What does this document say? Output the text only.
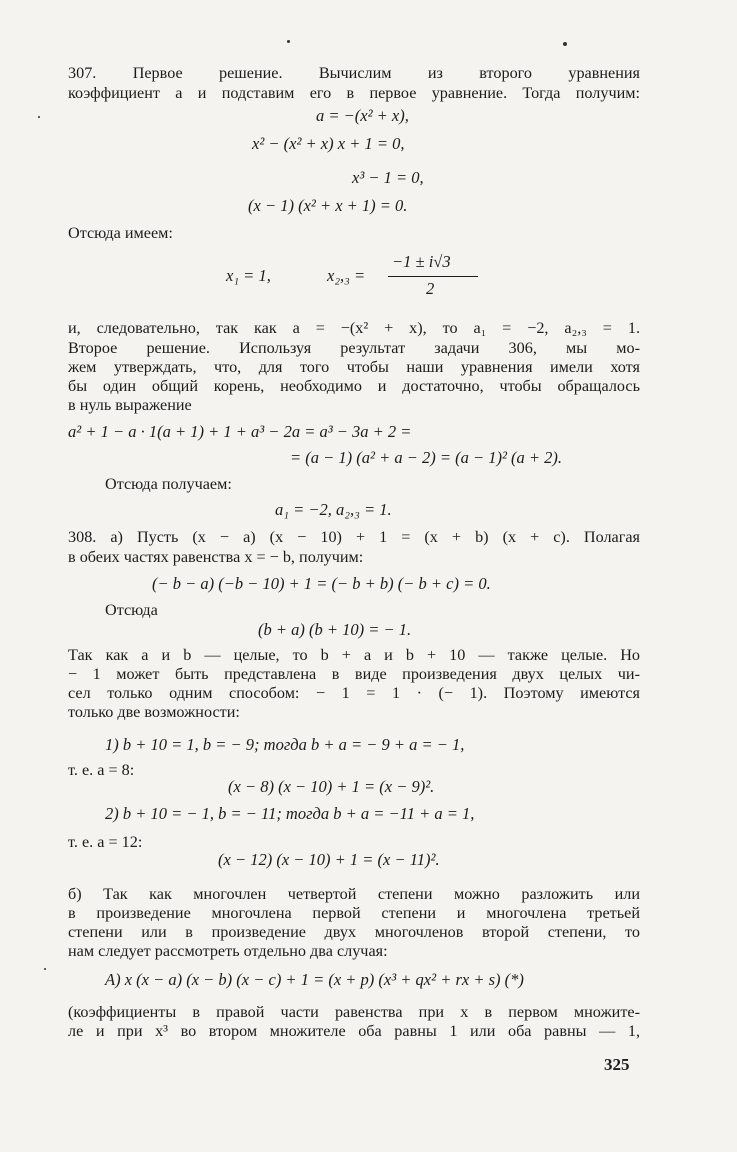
307. Первое решение. Вычислим из второго уравнения

коэффициент a и подставим его в первое уравнение. Тогда получим:

a = −(x² + x),

x² − (x² + x) x + 1 = 0,

x³ − 1 = 0,

(x − 1) (x² + x + 1) = 0.

Отсюда имеем:

x₁ = 1,	x₂,₃ =

−1 ± i√3

2

и, следовательно, так как a = −(x² + x), то a₁ = −2, a₂,₃ = 1.

Второе решение. Используя результат задачи 306, мы мо-

жем утверждать, что, для того чтобы наши уравнения имели хотя

бы один общий корень, необходимо и достаточно, чтобы обращалось

в нуль выражение

a² + 1 − a · 1(a + 1) + 1 + a³ − 2a = a³ − 3a + 2 =

= (a − 1) (a² + a − 2) = (a − 1)² (a + 2).

Отсюда получаем:

a₁ = −2, a₂,₃ = 1.

308. а) Пусть (x − a) (x − 10) + 1 = (x + b) (x + c). Полагая

в обеих частях равенства x = − b, получим:

(− b − a) (−b − 10) + 1 = (− b + b) (− b + c) = 0.

Отсюда

(b + a) (b + 10) = − 1.

Так как a и b — целые, то b + a и b + 10 — также целые. Но

− 1 может быть представлена в виде произведения двух целых чи-

сел только одним способом: − 1 = 1 · (− 1). Поэтому имеются

только две возможности:

1) b + 10 = 1, b = − 9; тогда b + a = − 9 + a = − 1,

т. е. a = 8:

(x − 8) (x − 10) + 1 = (x − 9)².

2) b + 10 = − 1, b = − 11; тогда b + a = −11 + a = 1,

т. е. a = 12:

(x − 12) (x − 10) + 1 = (x − 11)².

б) Так как многочлен четвертой степени можно разложить или

в произведение многочлена первой степени и многочлена третьей

степени или в произведение двух многочленов второй степени, то

нам следует рассмотреть отдельно два случая:

А) x (x − a) (x − b) (x − c) + 1 = (x + p) (x³ + qx² + rx + s) (*)

(коэффициенты в правой части равенства при x в первом множите-

ле и при x³ во втором множителе оба равны 1 или оба равны — 1,

325
